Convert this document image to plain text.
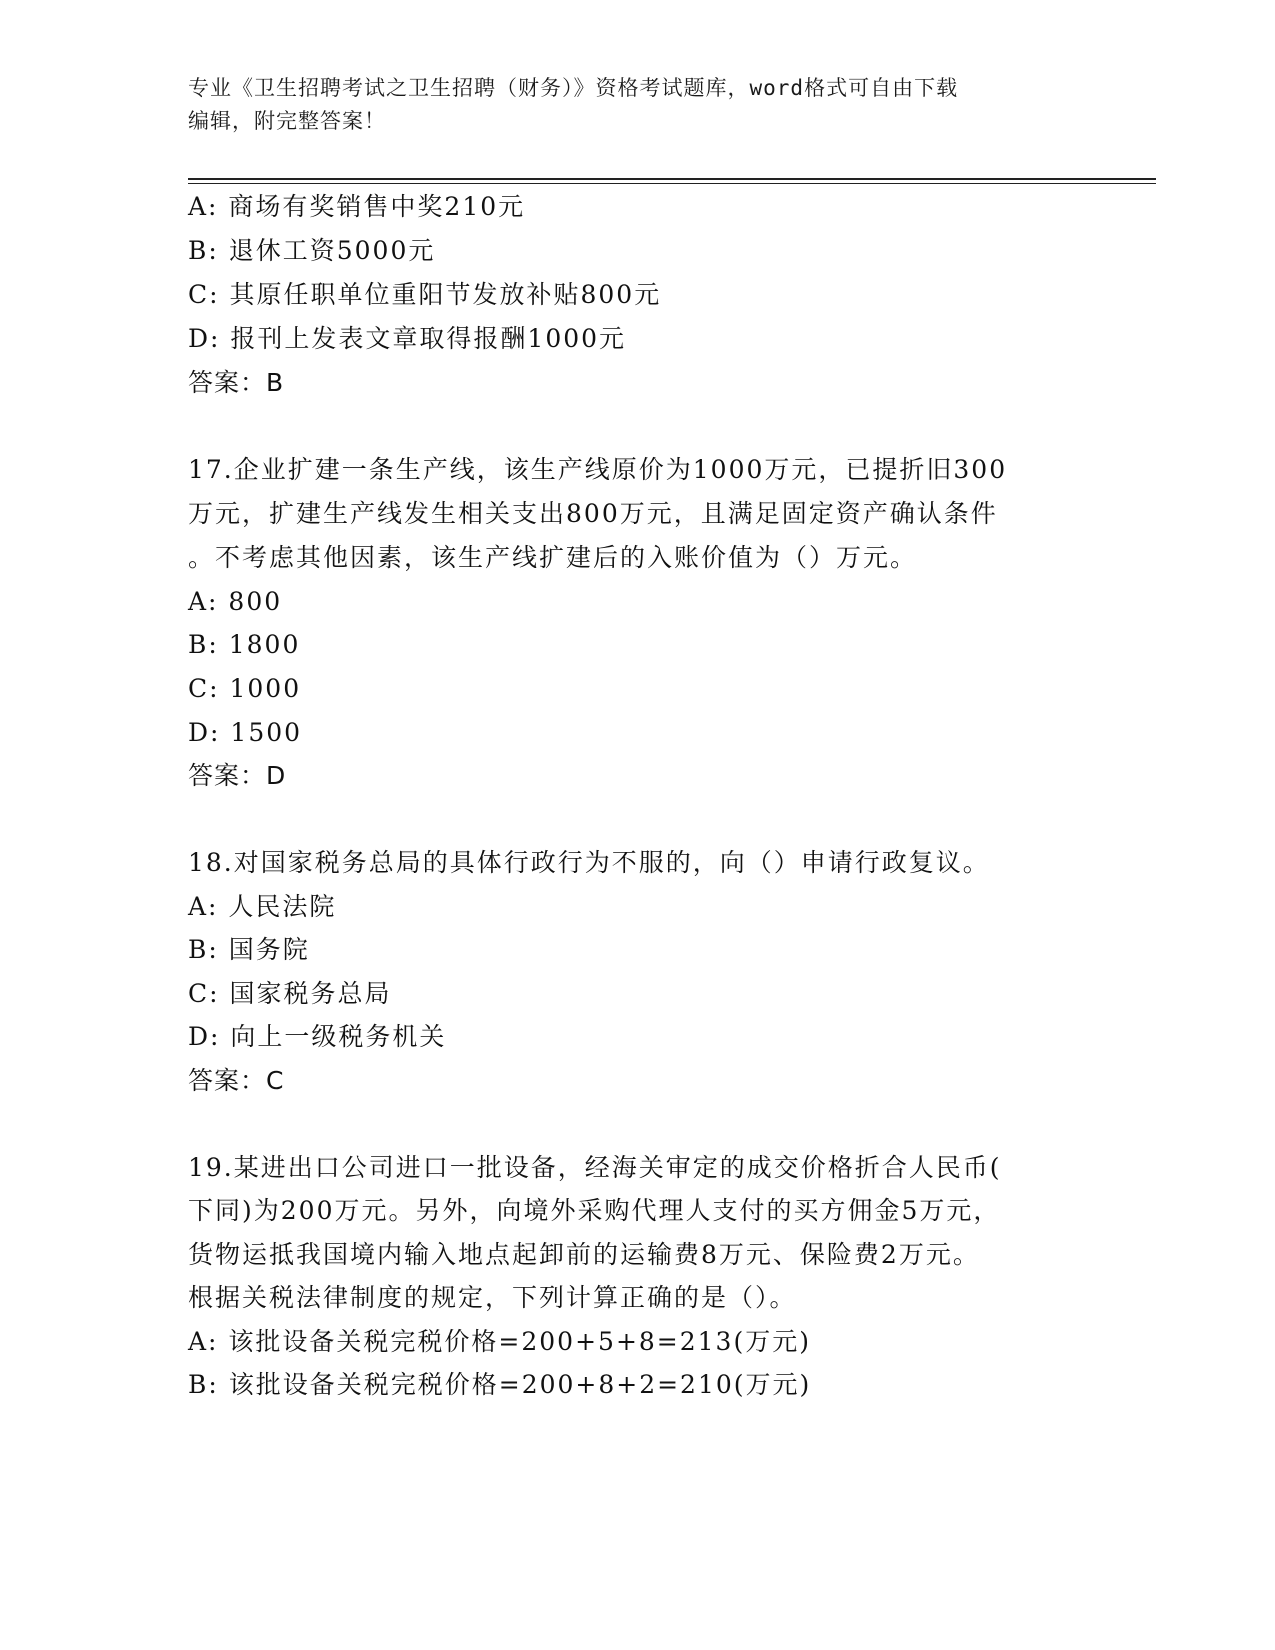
专业《卫生招聘考试之卫生招聘（财务）》资格考试题库，word格式可自由下载
编辑，附完整答案！
A: 商场有奖销售中奖210元
B: 退休工资5000元
C: 其原任职单位重阳节发放补贴800元
D: 报刊上发表文章取得报酬1000元
答案：B
17.企业扩建一条生产线，该生产线原价为1000万元，已提折旧300
万元，扩建生产线发生相关支出800万元，且满足固定资产确认条件
。不考虑其他因素，该生产线扩建后的入账价值为（）万元。
A: 800
B: 1800
C: 1000
D: 1500
答案：D
18.对国家税务总局的具体行政行为不服的，向（）申请行政复议。
A: 人民法院
B: 国务院
C: 国家税务总局
D: 向上一级税务机关
答案：C
19.某进出口公司进口一批设备，经海关审定的成交价格折合人民币(
下同)为200万元。另外，向境外采购代理人支付的买方佣金5万元，
货物运抵我国境内输入地点起卸前的运输费8万元、保险费2万元。
根据关税法律制度的规定，下列计算正确的是（）。
A: 该批设备关税完税价格=200+5+8=213(万元)
B: 该批设备关税完税价格=200+8+2=210(万元)
